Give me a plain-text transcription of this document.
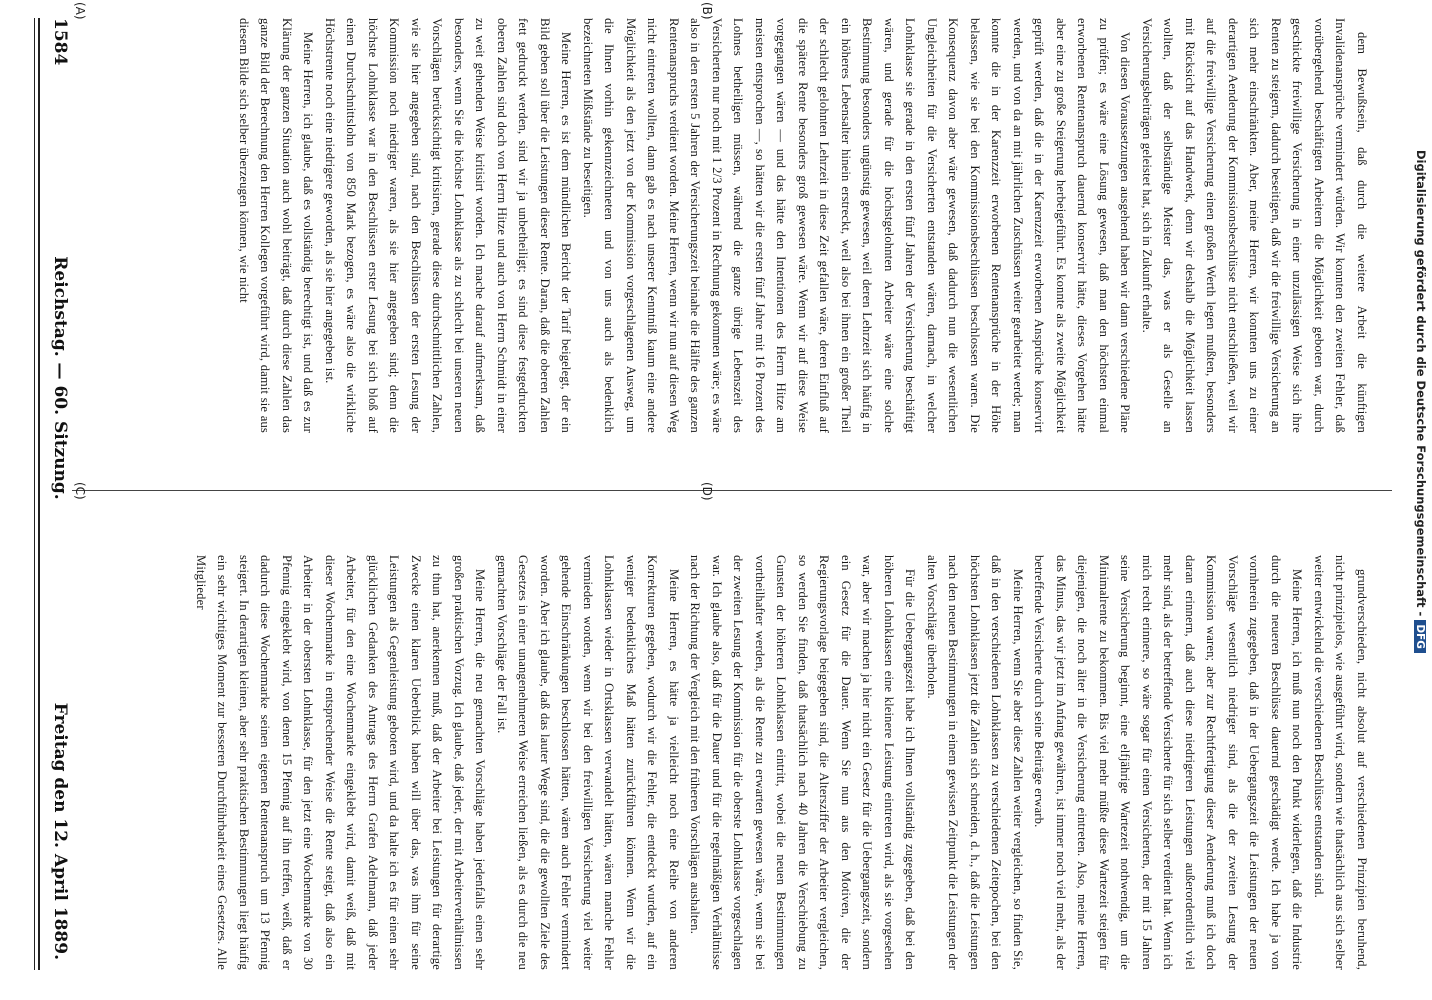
1584
Reichstag. — 60. Sitzung.
Freitag den 12. April 1889.

dem Bewußtsein, daß durch die weitere Arbeit die künftigen Invalidenansprüche vermindert würden. Wir konnten den zweiten Fehler, daß vorübergehend beschäftigten Arbeitern die Möglichkeit geboten war, durch geschickte freiwillige Versicherung in einer unzulässigen Weise sich ihre Renten zu steigern, dadurch beseitigen, daß wir die freiwillige Versicherung an sich mehr einschränkten. Aber, meine Herren, wir konnten uns zu einer derartigen Aenderung der Kommissionsbeschlüsse nicht entschließen, weil wir auf die freiwillige Versicherung einen großen Werth legen mußten, besonders mit Rücksicht auf das Handwerk, denn wir deshalb die Möglichkeit lassen wollten, daß der selbständige Meister das, was er als Geselle an Versicherungsbeiträgen geleistet hat, sich in Zukunft erhalte.

Von diesen Voraussetzungen ausgehend haben wir dann verschiedene Pläne zu prüfen; es wäre eine Lösung gewesen, daß man den höchsten einmal erworbenen Rentenanspruch dauernd konservirt hätte, dieses Vorgehen hätte aber eine zu große Steigerung herbeigeführt. Es konnte als zweite Möglichkeit geprüft werden, daß die in der Karenzzeit erworbenen Ansprüche konservirt werden, und von da an mit jährlichen Zuschüssen weiter gearbeitet werde; man konnte die in der Karenzzeit erworbenen Rentenansprüche in der Höhe belassen, wie sie bei den Kommissionsbeschlüssen beschlossen waren. Die Konsequenz davon aber wäre gewesen, daß dadurch nun die wesentlichen Ungleichheiten für die Versicherten entstanden wären, darnach, in welcher Lohnklasse sie gerade in den ersten fünf Jahren der Versicherung beschäftigt wären, und gerade für die höchstgelohnten Arbeiter wäre eine solche Bestimmung besonders ungünstig gewesen, weil deren Lehrzeit sich häufig in ein höheres Lebensalter hinein erstreckt, weil also bei ihnen ein großer Theil der schlecht gelohnten Lehrzeit in diese Zeit gefallen wäre, deren Einfluß auf die spätere Rente besonders groß gewesen wäre. Wenn wir auf diese Weise vorgegangen wären — und das hätte den Intentionen des Herrn Hitze am meisten entsprochen —, so hätten wir die ersten fünf Jahre mit 16 Prozent des Lohnes betheiligen müssen, während die ganze übrige Lebenszeit des Versicherten nur noch mit 1 2/3 Prozent in Rechnung gekommen wäre; es wäre also in den ersten 5 Jahren der Versicherungszeit beinahe die Hälfte des ganzen Rentenanspruchs verdient worden. Meine Herren, wenn wir nun auf diesen Weg nicht eintreten wollten, dann gab es nach unserer Kenntniß kaum eine andere Möglichkeit als den jetzt von der Kommission vorgeschlagenen Ausweg, um die Ihnen vorhin gekennzeichneten und von uns auch als bedenklich bezeichneten Mißstände zu beseitigen.

Meine Herren, es ist dem mündlichen Bericht der Tarif beigelegt, der ein Bild geben soll über die Leistungen dieser Rente. Daran, daß die oberen Zahlen fett gedruckt werden, sind wir ja unbetheiligt; es sind diese festgedruckten oberen Zahlen sind doch von Herrn Hitze und auch von Herrn Schmidt in einer zu weit gehenden Weise kritisirt worden. Ich mache darauf aufmerksam, daß besonders, wenn Sie die höchste Lohnklasse als zu schlecht bei unseren neuen Vorschlägen berücksichtigt kritisiren, gerade diese durchschnittlichen Zahlen, wie sie hier angegeben sind, nach den Beschlüssen der ersten Lesung der Kommission noch niedriger waren, als sie hier angegeben sind; denn die höchste Lohnklasse war in den Beschlüssen erster Lesung bei sich bloß auf einen Durchschnittslohn von 850 Mark bezogen, es wäre also die wirkliche Höchstrente noch eine niedrigere geworden, als sie hier angegeben ist.

Meine Herren, ich glaube, daß es vollständig berechtigt ist, und daß es zur Klärung der ganzen Situation auch wohl beiträgt, daß durch diese Zahlen das ganze Bild der Berechnung den Herren Kollegen vorgeführt wird, damit sie aus diesem Bilde sich selber überzeugen können, wie nicht

grundverschieden, nicht absolut auf verschiedenen Prinzipien beruhend, nicht prinzipielos, wie ausgeführt wird, sondern wie thatsächlich aus sich selber weiter entwickelnd die verschiedenen Beschlüsse entstanden sind.

Meine Herren, ich muß nun noch den Punkt widerlegen, daß die Industrie durch die neueren Beschlüsse dauernd geschädigt werde. Ich habe ja von vornherein zugegeben, daß in der Uebergangszeit die Leistungen der neuen Vorschläge wesentlich niedriger sind, als die der zweiten Lesung der Kommission waren; aber zur Rechtfertigung dieser Aenderung muß ich doch daran erinnern, daß auch diese niedrigeren Leistungen außerordentlich viel mehr sind, als der betreffende Versicherte für sich selber verdient hat. Wenn ich mich recht erinnere, so wäre sogar für einen Versicherten, der mit 15 Jahren seine Versicherung beginnt, eine elfjährige Wartezeit nothwendig, um die Minimalrente zu bekommen. Bis viel mehr müßte diese Wartezeit steigen für diejenigen, die noch älter in die Versicherung eintreten. Also, meine Herren, das Minus, das wir jetzt im Anfang gewähren, ist immer noch viel mehr, als der betreffende Versicherte durch seine Beiträge erwarb.

Meine Herren, wenn Sie aber diese Zahlen weiter vergleichen, so finden Sie, daß in den verschiedenen Lohnklassen zu verschiedenen Zeitepochen, bei den höchsten Lohnklassen jetzt die Zahlen sich schneiden, d. h., daß die Leistungen nach den neuen Bestimmungen in einem gewissen Zeitpunkt die Leistungen der alten Vorschläge überholen.

Für die Uebergangszeit habe ich Ihnen vollständig zugegeben, daß bei den höheren Lohnklassen eine kleinere Leistung eintreten wird, als sie vorgesehen war, aber wir machen ja hier nicht ein Gesetz für die Uebergangszeit, sondern ein Gesetz für die Dauer. Wenn Sie nun aus den Motiven, die der Regierungsvorlage beigegeben sind, die Altersziffer der Arbeiter vergleichen, so werden Sie finden, daß thatsächlich nach 40 Jahren die Verschiebung zu Gunsten der höheren Lohnklassen eintritt, wobei die neuen Bestimmungen vortheilhafter werden, als die Rente zu erwarten gewesen wäre, wenn sie bei der zweiten Lesung der Kommission für die oberste Lohnklasse vorgeschlagen war. Ich glaube also, daß für die Dauer und für die regelmäßigen Verhältnisse nach der Richtung der Vergleich mit den früheren Vorschlägen aushalten.

Meine Herren, es hätte ja vielleicht noch eine Reihe von anderen Korrekturen gegeben, wodurch wir die Fehler, die entdeckt wurden, auf ein weniger bedenkliches Maß hätten zurückführen können. Wenn wir die Lohnklassen wieder in Ortsklassen verwandelt hätten, wären manche Fehler vermieden worden, wenn wir bei den freiwilligen Versicherung viel weiter gehende Einschränkungen beschlossen hätten, wären auch Fehler vermindert worden. Aber ich glaube, daß das lauter Wege sind, die die gewollten Ziele des Gesetzes in einer unangenehmeren Weise erreichen ließen, als es durch die neu gemachten Vorschläge der Fall ist.

Meine Herren, die neu gemachten Vorschläge haben jedenfalls einen sehr großen praktischen Vorzug. Ich glaube, daß jeder, der mit Arbeiterverhältnissen zu thun hat, anerkennen muß, daß der Arbeiter bei Leistungen für derartige Zwecke einen klaren Ueberblick haben will über das, was ihm für seine Leistungen als Gegenleistung geboten wird, und da halte ich es für einen sehr glücklichen Gedanken des Antrags des Herrn Grafen Adelmann, daß jeder Arbeiter, für den eine Wochenmarke eingeklebt wird, damit weiß, daß mit dieser Wochenmarke in entsprechender Weise die Rente steigt, daß also ein Arbeiter in der obersten Lohnklasse, für den jetzt eine Wochenmarke von 30 Pfennig eingeklebt wird, von denen 15 Pfennig auf ihn treffen, weiß, daß er dadurch diese Wochenmarke seinen eigenen Rentenanspruch um 13 Pfennig steigert. In derartigen kleinen, aber sehr praktischen Bestimmungen liegt häufig ein sehr wichtiges Moment zur besseren Durchführbarkeit eines Gesetzes. Alle Mitglieder

(A)	(B)
(C)	(D)	Digitalisierung gefördert durch die Deutsche Forschungsgemeinschaft -DFG
